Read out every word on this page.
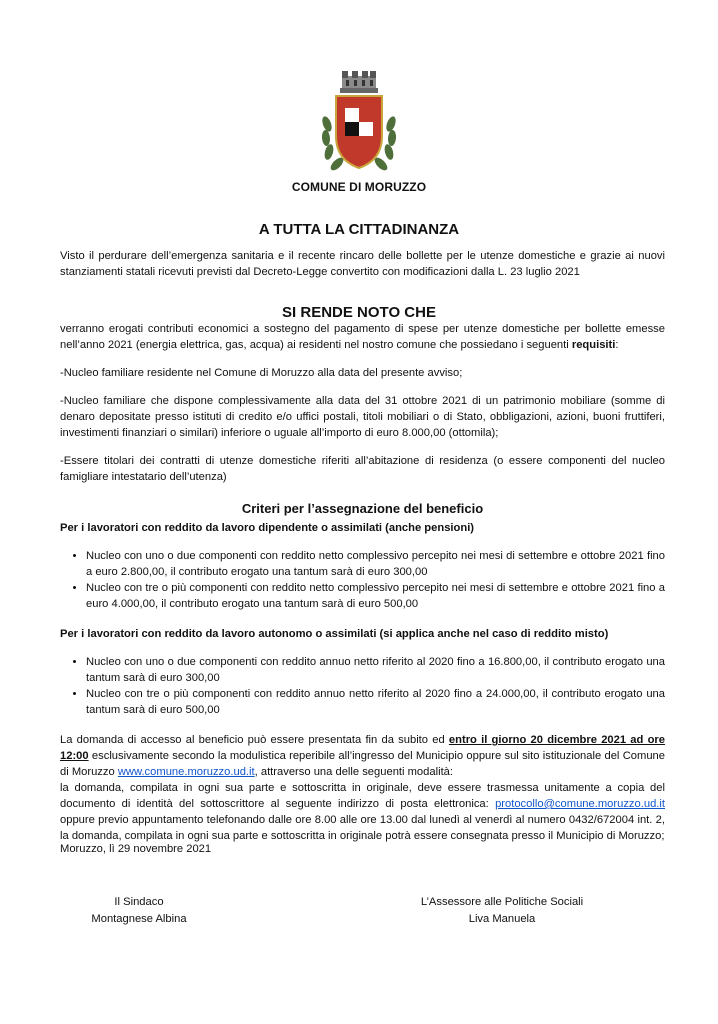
COMUNE DI MORUZZO
A TUTTA LA CITTADINANZA
Visto il perdurare dell’emergenza sanitaria e il recente rincaro delle bollette per le utenze domestiche e grazie ai nuovi stanziamenti statali ricevuti previsti dal Decreto-Legge convertito con modificazioni dalla L. 23 luglio 2021
SI RENDE NOTO CHE

verranno erogati contributi economici a sostegno del pagamento di spese per utenze domestiche per bollette emesse nell’anno 2021 (energia elettrica, gas, acqua) ai residenti nel nostro comune che possiedano i seguenti requisiti:

-Nucleo familiare residente nel Comune di Moruzzo alla data del presente avviso;

-Nucleo familiare che dispone complessivamente alla data del 31 ottobre 2021 di un patrimonio mobiliare (somme di denaro depositate presso istituti di credito e/o uffici postali, titoli mobiliari o di Stato, obbligazioni, azioni, buoni fruttiferi, investimenti finanziari o similari) inferiore o uguale all’importo di euro 8.000,00 (ottomila);

-Essere titolari dei contratti di utenze domestiche riferiti all’abitazione di residenza (o essere componenti del nucleo famigliare intestatario dell’utenza)

Criteri per l’assegnazione del beneficio

Per i lavoratori con reddito da lavoro dipendente o assimilati (anche pensioni)

• Nucleo con uno o due componenti con reddito netto complessivo percepito nei mesi di settembre e ottobre 2021 fino a euro 2.800,00, il contributo erogato una tantum sarà di euro 300,00
• Nucleo con tre o più componenti con reddito netto complessivo percepito nei mesi di settembre e ottobre 2021 fino a euro 4.000,00, il contributo erogato una tantum sarà di euro 500,00

Per i lavoratori con reddito da lavoro autonomo o assimilati (si applica anche nel caso di reddito misto)

• Nucleo con uno o due componenti con reddito annuo netto riferito al 2020 fino a 16.800,00, il contributo erogato una tantum sarà di euro 300,00
• Nucleo con tre o più componenti con reddito annuo netto riferito al 2020 fino a 24.000,00, il contributo erogato una tantum sarà di euro 500,00

La domanda di accesso al beneficio può essere presentata fin da subito ed entro il giorno 20 dicembre 2021 ad ore 12:00 esclusivamente secondo la modulistica reperibile all’ingresso del Municipio oppure sul sito istituzionale del Comune di Moruzzo www.comune.moruzzo.ud.it, attraverso una delle seguenti modalità:

la domanda, compilata in ogni sua parte e sottoscritta in originale, deve essere trasmessa unitamente a copia del documento di identità del sottoscrittore al seguente indirizzo di posta elettronica: protocollo@comune.moruzzo.ud.it oppure previo appuntamento telefonando dalle ore 8.00 alle ore 13.00 dal lunedì al venerdì al numero 0432/672004 int. 2, la domanda, compilata in ogni sua parte e sottoscritta in originale potrà essere consegnata presso il Municipio di Moruzzo;

Moruzzo, lì 29 novembre 2021
Il Sindaco
Montagnese Albina
L’Assessore alle Politiche Sociali
Liva Manuela
